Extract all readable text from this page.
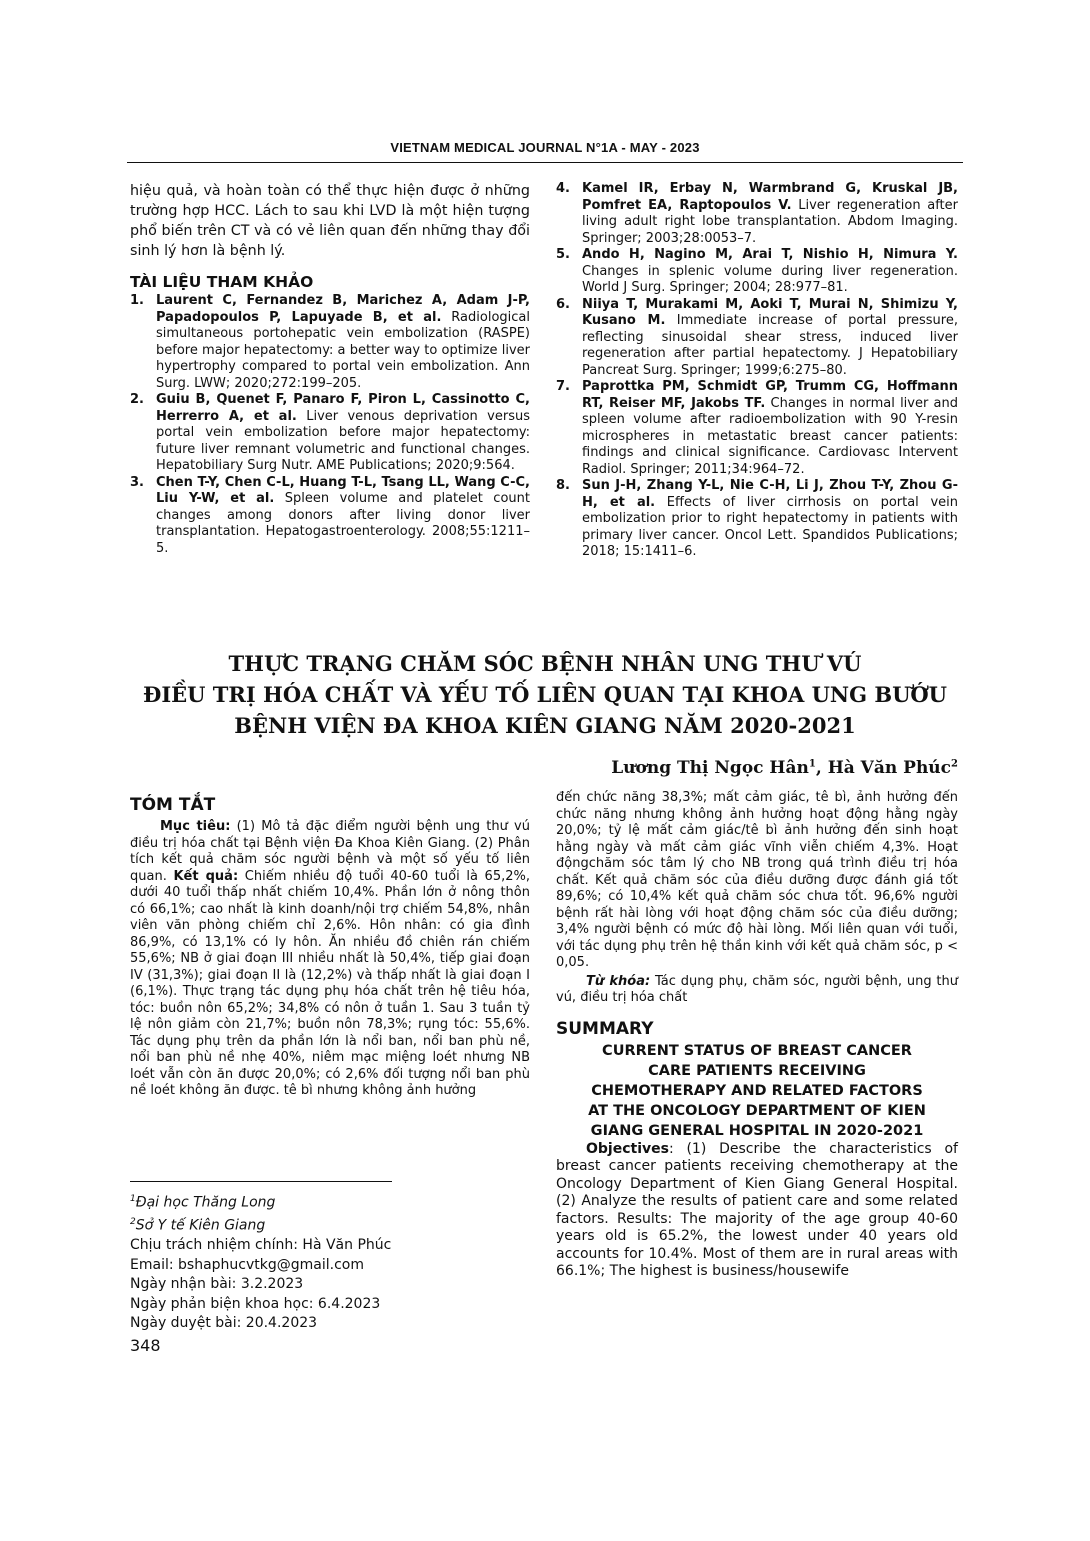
VIETNAM MEDICAL JOURNAL N°1A - MAY - 2023

hiệu quả, và hoàn toàn có thể thực hiện được ở những trường hợp HCC. Lách to sau khi LVD là một hiện tượng phổ biến trên CT và có vẻ liên quan đến những thay đổi sinh lý hơn là bệnh lý.

TÀI LIỆU THAM KHẢO

1. Laurent C, Fernandez B, Marichez A, Adam J-P, Papadopoulos P, Lapuyade B, et al. Radiological simultaneous portohepatic vein embolization (RASPE) before major hepatectomy: a better way to optimize liver hypertrophy compared to portal vein embolization. Ann Surg. LWW; 2020;272:199–205.
2. Guiu B, Quenet F, Panaro F, Piron L, Cassinotto C, Herrerro A, et al. Liver venous deprivation versus portal vein embolization before major hepatectomy: future liver remnant volumetric and functional changes. Hepatobiliary Surg Nutr. AME Publications; 2020;9:564.
3. Chen T-Y, Chen C-L, Huang T-L, Tsang LL, Wang C-C, Liu Y-W, et al. Spleen volume and platelet count changes among donors after living donor liver transplantation. Hepatogastroenterology. 2008;55:1211–5.
4. Kamel IR, Erbay N, Warmbrand G, Kruskal JB, Pomfret EA, Raptopoulos V. Liver regeneration after living adult right lobe transplantation. Abdom Imaging. Springer; 2003;28:0053–7.
5. Ando H, Nagino M, Arai T, Nishio H, Nimura Y. Changes in splenic volume during liver regeneration. World J Surg. Springer; 2004; 28:977–81.
6. Niiya T, Murakami M, Aoki T, Murai N, Shimizu Y, Kusano M. Immediate increase of portal pressure, reflecting sinusoidal shear stress, induced liver regeneration after partial hepatectomy. J Hepatobiliary Pancreat Surg. Springer; 1999;6:275–80.
7. Paprottka PM, Schmidt GP, Trumm CG, Hoffmann RT, Reiser MF, Jakobs TF. Changes in normal liver and spleen volume after radioembolization with 90 Y-resin microspheres in metastatic breast cancer patients: findings and clinical significance. Cardiovasc Intervent Radiol. Springer; 2011;34:964–72.
8. Sun J-H, Zhang Y-L, Nie C-H, Li J, Zhou T-Y, Zhou G-H, et al. Effects of liver cirrhosis on portal vein embolization prior to right hepatectomy in patients with primary liver cancer. Oncol Lett. Spandidos Publications; 2018; 15:1411–6.
THỰC TRẠNG CHĂM SÓC BỆNH NHÂN UNG THƯ VÚ
ĐIỀU TRỊ HÓA CHẤT VÀ YẾU TỐ LIÊN QUAN TẠI KHOA UNG BƯỚU
BỆNH VIỆN ĐA KHOA KIÊN GIANG NĂM 2020-2021
Lương Thị Ngọc Hân$^1$, Hà Văn Phúc$^2$

TÓM TẮT

Mục tiêu: (1) Mô tả đặc điểm người bệnh ung thư vú điều trị hóa chất tại Bệnh viện Đa Khoa Kiên Giang. (2) Phân tích kết quả chăm sóc người bệnh và một số yếu tố liên quan. Kết quả: Chiếm nhiều độ tuổi 40-60 tuổi là 65,2%, dưới 40 tuổi thấp nhất chiếm 10,4%. Phần lớn ở nông thôn có 66,1%; cao nhất là kinh doanh/nội trợ chiếm 54,8%, nhân viên văn phòng chiếm chỉ 2,6%. Hôn nhân: có gia đình 86,9%, có 13,1% có ly hôn. Ăn nhiều đồ chiên rán chiếm 55,6%; NB ở giai đoạn III nhiều nhất là 50,4%, tiếp giai đoạn IV (31,3%); giai đoạn II là (12,2%) và thấp nhất là giai đoạn I (6,1%). Thực trạng tác dụng phụ hóa chất trên hệ tiêu hóa, tóc: buồn nôn 65,2%; 34,8% có nôn ở tuần 1. Sau 3 tuần tỷ lệ nôn giảm còn 21,7%; buồn nôn 78,3%; rụng tóc: 55,6%. Tác dụng phụ trên da phần lớn là nổi ban, nổi ban phù nề, nổi ban phù nề nhẹ 40%, niêm mạc miệng loét nhưng NB loét vẫn còn ăn được 20,0%; có 2,6% đối tượng nổi ban phù nề loét không ăn được. tê bì nhưng không ảnh hưởng

đến chức năng 38,3%; mất cảm giác, tê bì, ảnh hưởng đến chức năng nhưng không ảnh hưởng hoạt động hằng ngày 20,0%; tỷ lệ mất cảm giác/tê bì ảnh hưởng đến sinh hoạt hằng ngày và mất cảm giác vĩnh viễn chiếm 4,3%. Hoạt độngchăm sóc tâm lý cho NB trong quá trình điều trị hóa chất. Kết quả chăm sóc của điều dưỡng được đánh giá tốt 89,6%; có 10,4% kết quả chăm sóc chưa tốt. 96,6% người bệnh rất hài lòng với hoạt động chăm sóc của điều dưỡng; 3,4% người bệnh có mức độ hài lòng. Mối liên quan với tuổi, với tác dụng phụ trên hệ thần kinh với kết quả chăm sóc, p < 0,05.

Từ khóa: Tác dụng phụ, chăm sóc, người bệnh, ung thư vú, điều trị hóa chất

SUMMARY

CURRENT STATUS OF BREAST CANCER

CARE PATIENTS RECEIVING

CHEMOTHERAPY AND RELATED FACTORS

AT THE ONCOLOGY DEPARTMENT OF KIEN

GIANG GENERAL HOSPITAL IN 2020-2021

Objectives: (1) Describe the characteristics of breast cancer patients receiving chemotherapy at the Oncology Department of Kien Giang General Hospital. (2) Analyze the results of patient care and some related factors. Results: The majority of the age group 40-60 years old is 65.2%, the lowest under 40 years old accounts for 10.4%. Most of them are in rural areas with 66.1%; The highest is business/housewife

$^1$Đại học Thăng Long
$^2$Sở Y tế Kiên Giang
Chịu trách nhiệm chính: Hà Văn Phúc
Email: bshaphucvtkg@gmail.com
Ngày nhận bài: 3.2.2023
Ngày phản biện khoa học: 6.4.2023
Ngày duyệt bài: 20.4.2023
348
